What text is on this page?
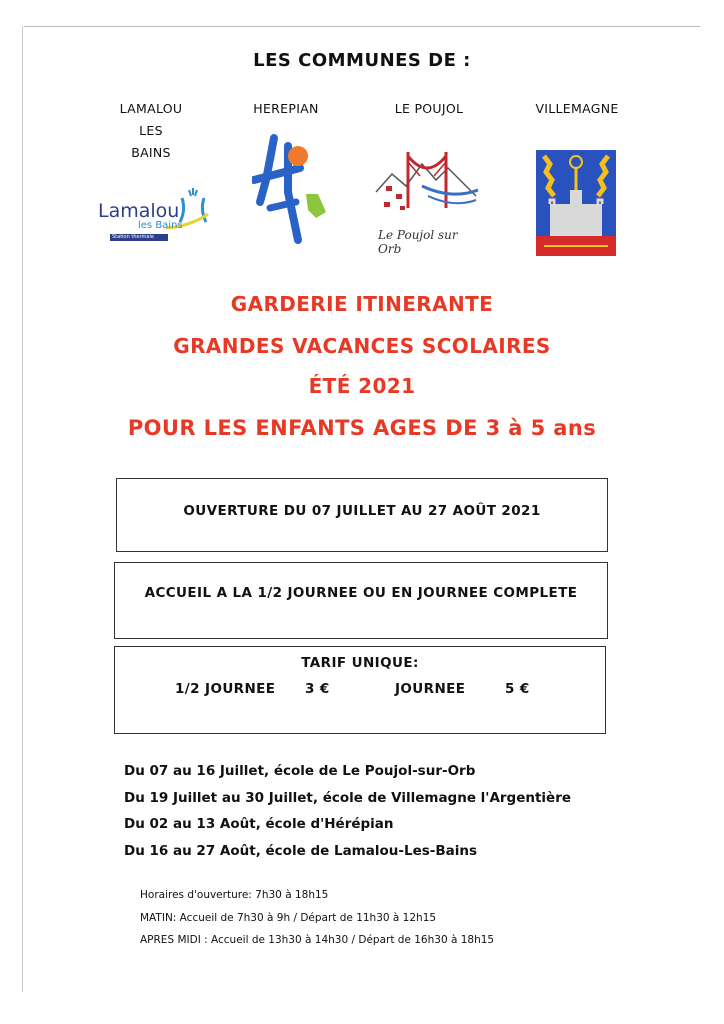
LES COMMUNES DE :
LAMALOU
LES
BAINS
HEREPIAN	LE POUJOL	VILLEMAGNE
Lamalou
les Bains
Station thermale	Le Poujol sur Orb
GARDERIE ITINERANTE
GRANDES VACANCES SCOLAIRES
ÉTÉ 2021
POUR LES ENFANTS AGES DE 3 à 5 ans
OUVERTURE DU 07 JUILLET AU 27 AOÛT 2021
ACCUEIL A LA 1/2 JOURNEE OU EN JOURNEE COMPLETE
TARIF UNIQUE:
1/2 JOURNEE	3 €	JOURNEE	5 €
Du 07 au 16 Juillet, école de Le Poujol-sur-Orb
Du 19 Juillet au 30 Juillet, école de Villemagne l'Argentière
Du 02 au 13 Août, école d'Hérépian
Du 16 au 27 Août, école de Lamalou-Les-Bains
Horaires d'ouverture: 7h30 à 18h15
MATIN: Accueil de 7h30 à 9h / Départ de 11h30 à 12h15
APRES MIDI : Accueil de 13h30 à 14h30 / Départ de 16h30 à 18h15
